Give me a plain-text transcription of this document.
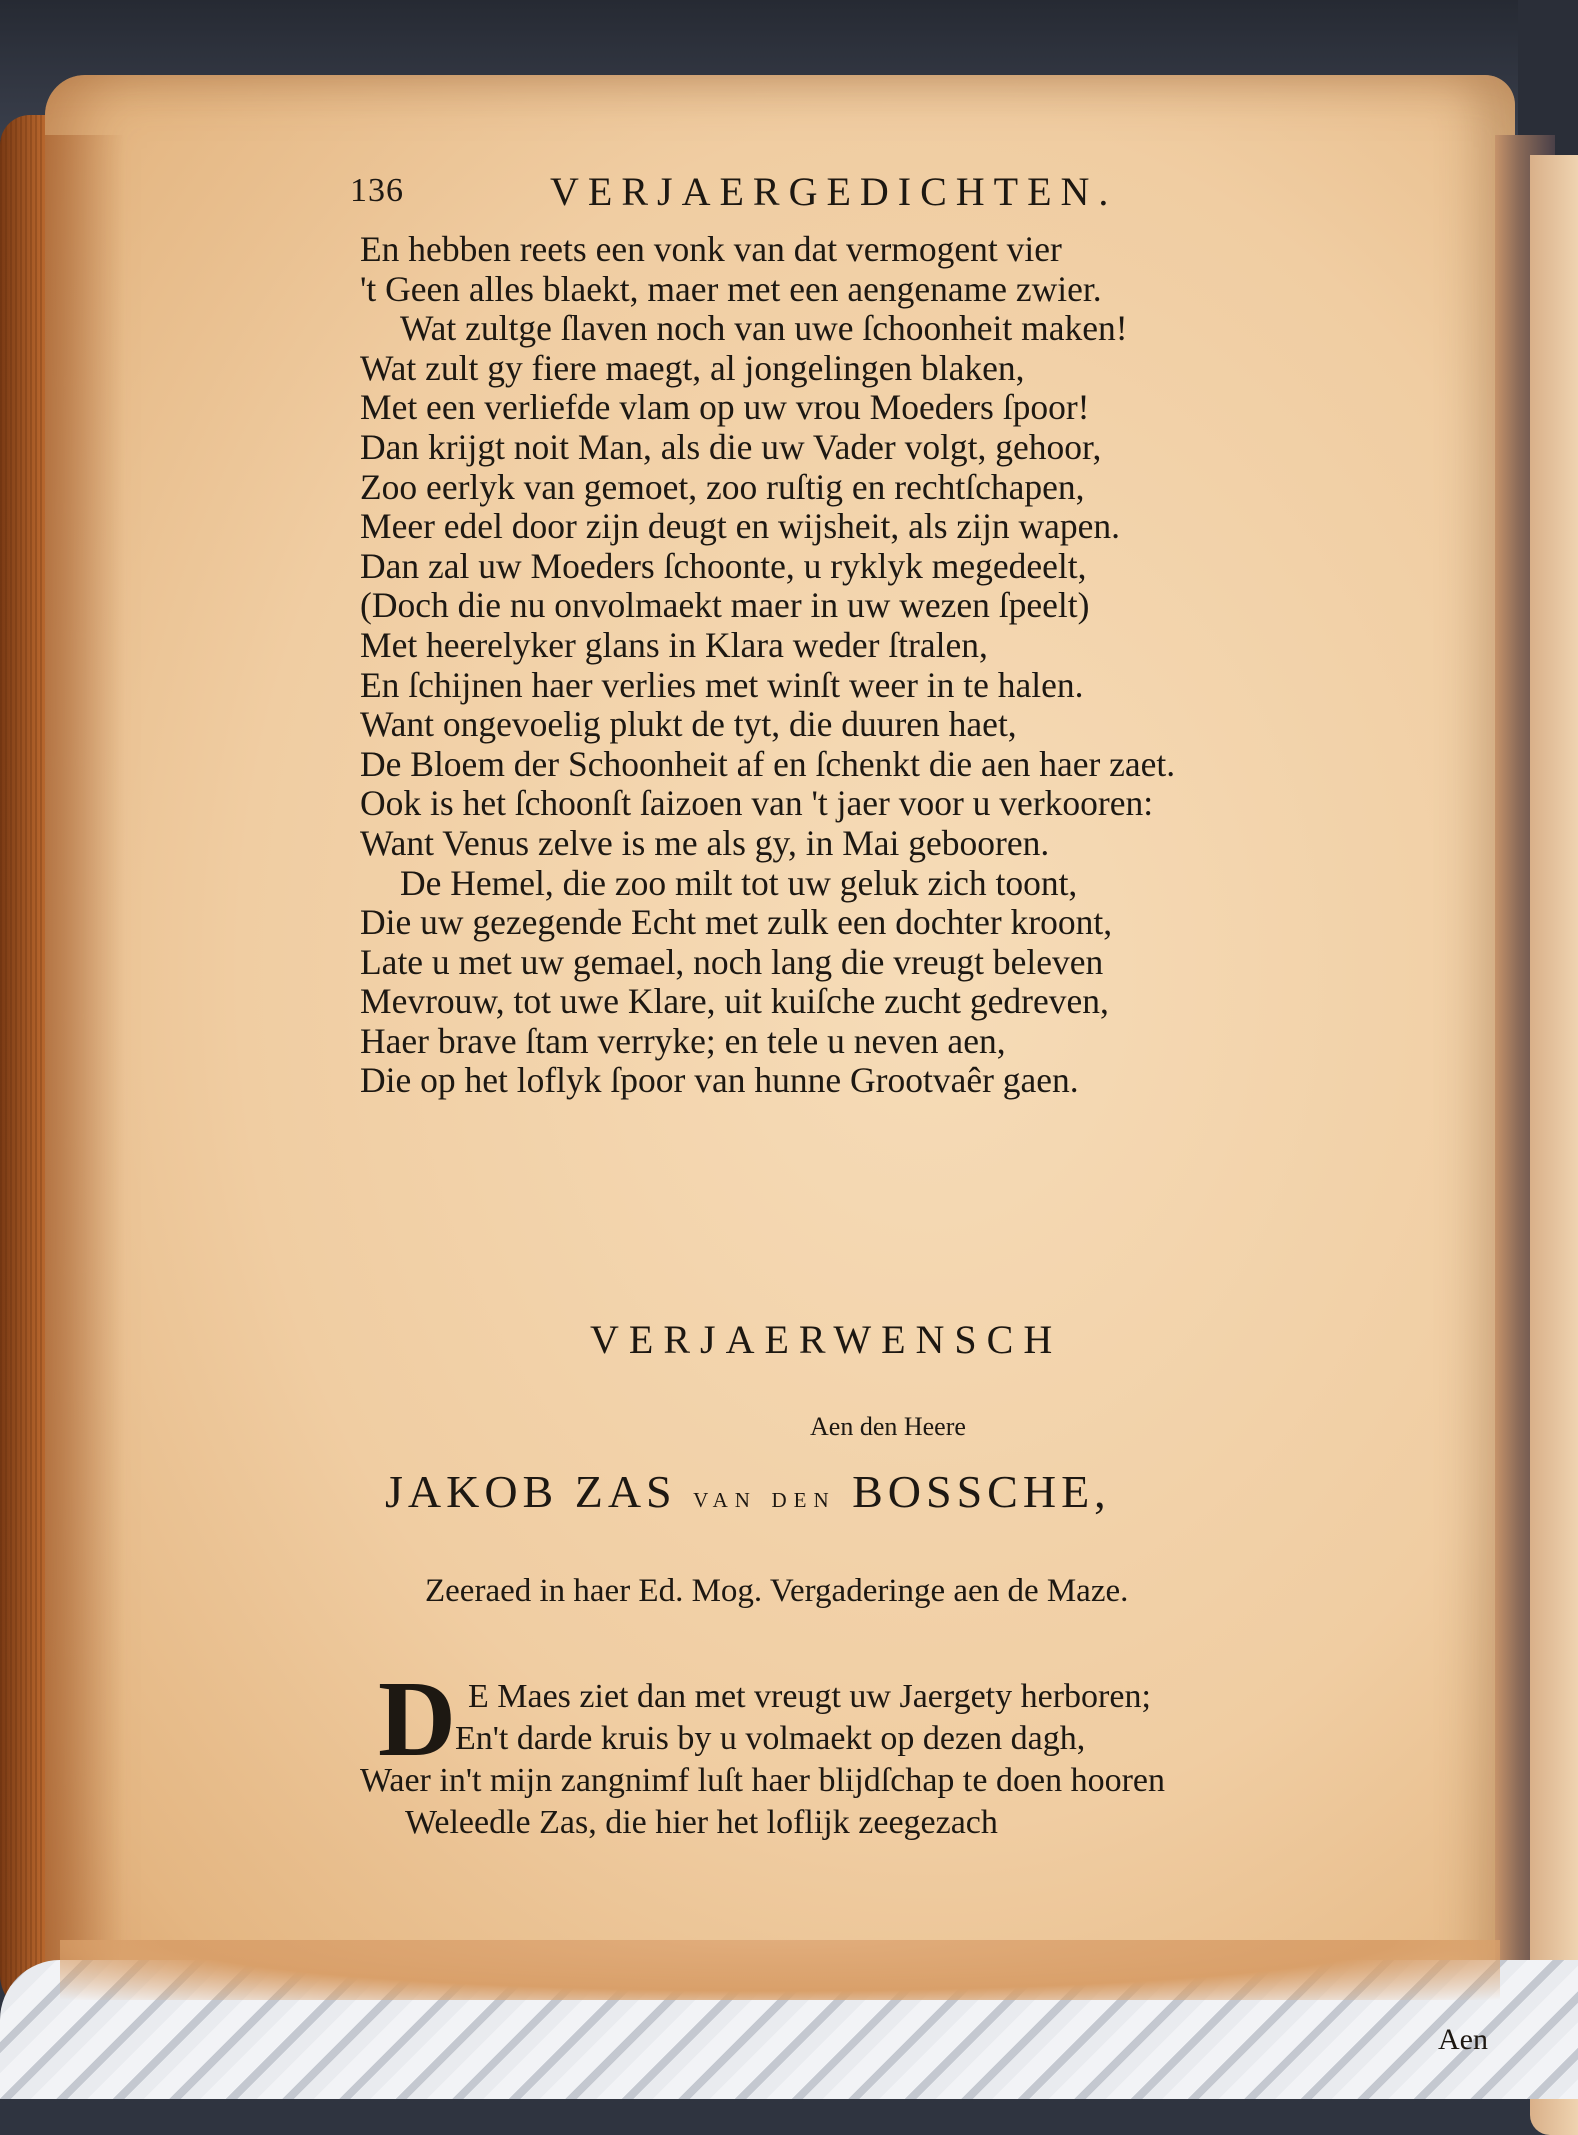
136	VERJAERGEDICHTEN.
En hebben reets een vonk van dat vermogent vier
't Geen alles blaekt, maer met een aengename zwier.
Wat zultge ſlaven noch van uwe ſchoonheit maken!
Wat zult gy fiere maegt, al jongelingen blaken,
Met een verliefde vlam op uw vrou Moeders ſpoor!
Dan krijgt noit Man, als die uw Vader volgt, gehoor,
Zoo eerlyk van gemoet, zoo ruſtig en rechtſchapen,
Meer edel door zijn deugt en wijsheit, als zijn wapen.
Dan zal uw Moeders ſchoonte, u ryklyk megedeelt,
(Doch die nu onvolmaekt maer in uw wezen ſpeelt)
Met heerelyker glans in Klara weder ſtralen,
En ſchijnen haer verlies met winſt weer in te halen.
Want ongevoelig plukt de tyt, die duuren haet,
De Bloem der Schoonheit af en ſchenkt die aen haer zaet.
Ook is het ſchoonſt ſaizoen van 't jaer voor u verkooren:
Want Venus zelve is me als gy, in Mai gebooren.
De Hemel, die zoo milt tot uw geluk zich toont,
Die uw gezegende Echt met zulk een dochter kroont,
Late u met uw gemael, noch lang die vreugt beleven
Mevrouw, tot uwe Klare, uit kuiſche zucht gedreven,
Haer brave ſtam verryke; en tele u neven aen,
Die op het loflyk ſpoor van hunne Grootvaêr gaen.
VERJAERWENSCH
Aen den Heere
JAKOB ZAS van den BOSSCHE,
Zeeraed in haer Ed. Mog. Vergaderinge aen de Maze.
D E Maes ziet dan met vreugt uw Jaergety herboren;
En't darde kruis by u volmaekt op dezen dagh,
Waer in't mijn zangnimf luſt haer blijdſchap te doen hooren
Weleedle Zas, die hier het loflijk zeegezach
Aen
